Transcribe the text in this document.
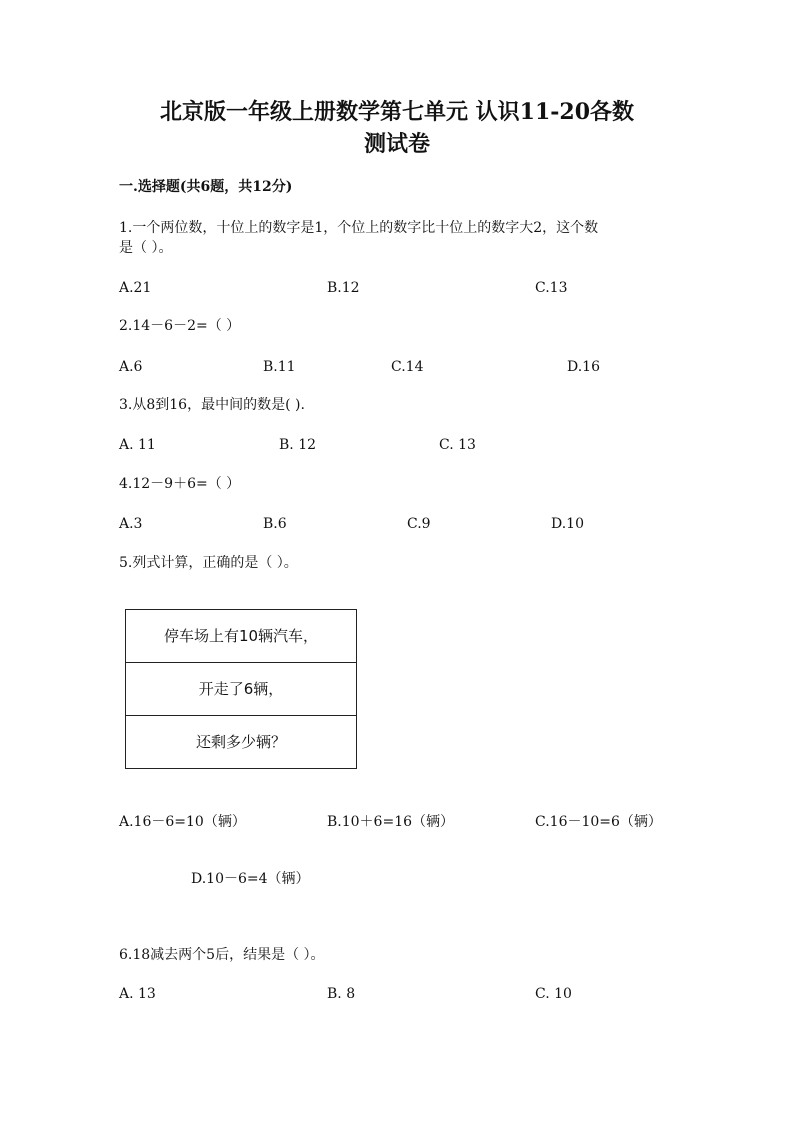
北京版一年级上册数学第七单元 认识11-20各数
测试卷
一.选择题(共6题，共12分)
1.一个两位数，十位上的数字是1，个位上的数字比十位上的数字大2，这个数
是（ ）。
A.21	B.12	C.13
2.14－6－2=（ ）
A.6	B.11	C.14	D.16
3.从8到16，最中间的数是( ).
A. 11	B. 12	C. 13
4.12－9＋6=（ ）
A.3	B.6	C.9	D.10
5.列式计算，正确的是（ ）。
停车场上有10辆汽车，
开走了6辆，
还剩多少辆？
A.16－6=10（辆）	B.10＋6=16（辆）	C.16－10=6（辆）
D.10－6=4（辆）
6.18减去两个5后，结果是（ ）。
A. 13	B. 8	C. 10
